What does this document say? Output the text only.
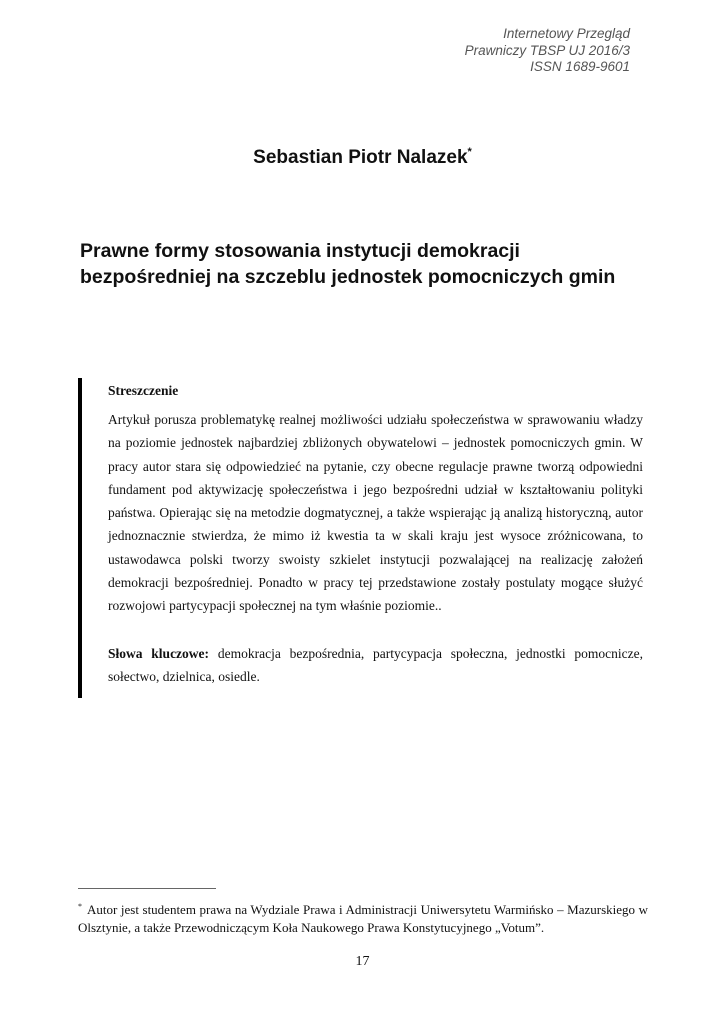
Internetowy Przegląd
Prawniczy TBSP UJ 2016/3
ISSN 1689-9601
Sebastian Piotr Nalazek*
Prawne formy stosowania instytucji demokracji bezpośredniej na szczeblu jednostek pomocniczych gmin

Streszczenie

Artykuł porusza problematykę realnej możliwości udziału społeczeństwa w sprawowaniu władzy na poziomie jednostek najbardziej zbliżonych obywatelowi – jednostek pomocniczych gmin. W pracy autor stara się odpowiedzieć na pytanie, czy obecne regulacje prawne tworzą odpowiedni fundament pod aktywizację społeczeństwa i jego bezpośredni udział w kształtowaniu polityki państwa. Opierając się na metodzie dogmatycznej, a także wspierając ją analizą historyczną, autor jednoznacznie stwierdza, że mimo iż kwestia ta w skali kraju jest wysoce zróżnicowana, to ustawodawca polski tworzy swoisty szkielet instytucji pozwalającej na realizację założeń demokracji bezpośredniej. Ponadto w pracy tej przedstawione zostały postulaty mogące służyć rozwojowi partycypacji społecznej na tym właśnie poziomie..

Słowa kluczowe: demokracja bezpośrednia, partycypacja społeczna, jednostki pomocnicze, sołectwo, dzielnica, osiedle.

* Autor jest studentem prawa na Wydziale Prawa i Administracji Uniwersytetu Warmińsko – Mazurskiego w Olsztynie, a także Przewodniczącym Koła Naukowego Prawa Konstytucyjnego „Votum”.
17
